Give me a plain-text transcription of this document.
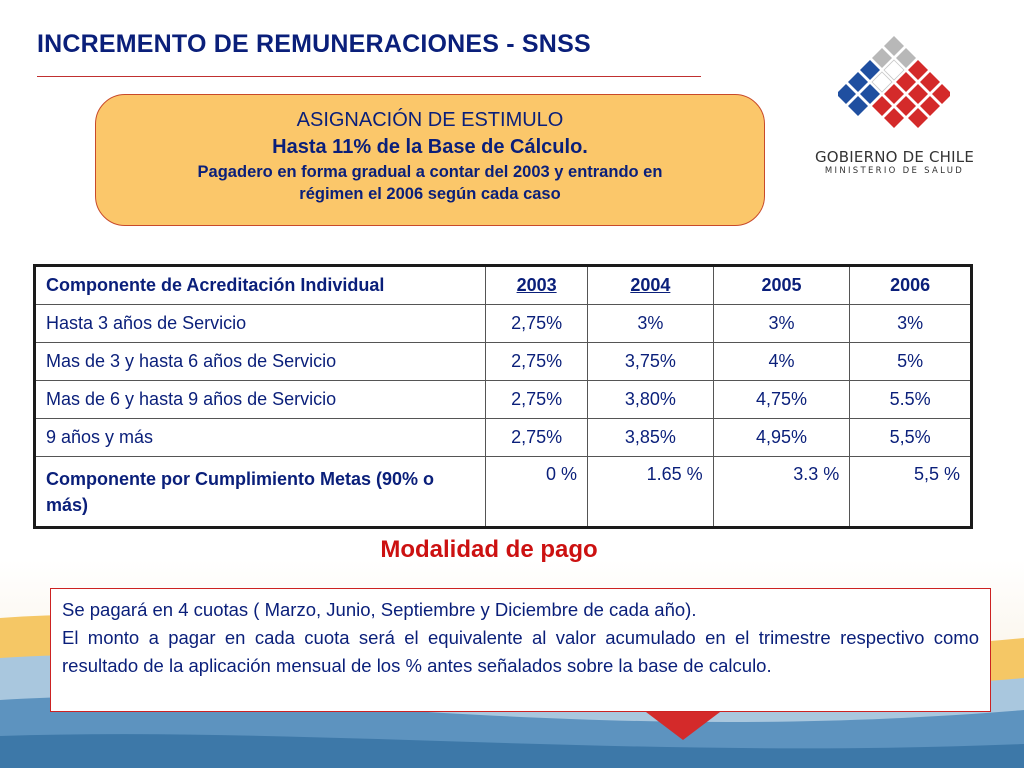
INCREMENTO DE REMUNERACIONES - SNSS
GOBIERNO DE CHILE
MINISTERIO DE SALUD
ASIGNACIÓN DE ESTIMULO
Hasta 11% de la Base de Cálculo.
Pagadero en forma gradual a contar del 2003 y entrando en
régimen el 2006 según cada caso
Componente de Acreditación Individual	2003	2004	2005	2006
Hasta 3 años de Servicio	2,75%	3%	3%	3%
Mas de 3 y hasta 6 años de Servicio	2,75%	3,75%	4%	5%
Mas de 6 y hasta 9 años de Servicio	2,75%	3,80%	4,75%	5.5%
9 años y más	2,75%	3,85%	4,95%	5,5%
Componente por Cumplimiento Metas (90% o más)	0 %	1.65 %	3.3 %	5,5 %
Modalidad de pago

Se pagará en 4 cuotas ( Marzo, Junio, Septiembre y Diciembre de cada año).

El monto a pagar en cada cuota será el equivalente al valor acumulado en el trimestre respectivo como resultado de la aplicación mensual de los % antes señalados sobre la base de calculo.
